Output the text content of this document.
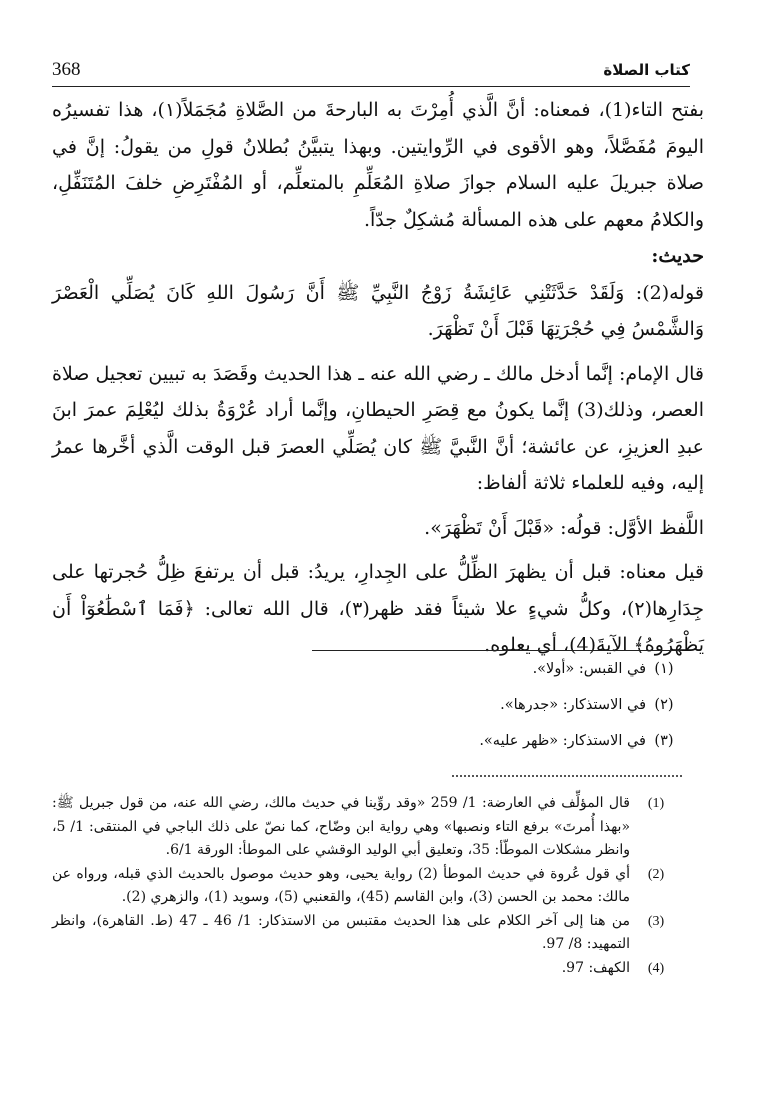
368	كتاب الصلاة

بفتح التاء(1)، فمعناه: أنَّ الَّذي أُمِرْتَ به البارحةَ من الصَّلاةِ مُجَمَلاً(١)، هذا تفسيرُه اليومَ مُفَصَّلاً، وهو الأقوى في الرِّوايتين. وبهذا يتبيَّنُ بُطلانُ قولِ من يقولُ: إنَّ في صلاة جبريلَ عليه السلام جوازَ صلاةِ المُعَلِّمِ بالمتعلِّم، أو المُفْتَرِضِ خلفَ المُتَنَفِّلِ، والكلامُ معهم على هذه المسألة مُشكِلٌ جدّاً.

حديث:

قوله(2): وَلَقَدْ حَدَّثَتْنِي عَائِشَةُ زَوْجُ النَّبِيِّ ﷺ أَنَّ رَسُولَ اللهِ كَانَ يُصَلِّي الْعَصْرَ وَالشَّمْسُ فِي حُجْرَتِهَا قَبْلَ أَنْ تَظْهَرَ.

قال الإمام: إنَّما أدخل مالك ـ رضي الله عنه ـ هذا الحديث وقَصَدَ به تبيين تعجيل صلاة العصر، وذلك(3) إنَّما يكونُ مع قِصَرِ الحيطانِ، وإنَّما أراد عُرْوَةُ بذلك ليُعْلِمَ عمرَ ابنَ عبدِ العزيزِ، عن عائشة؛ أنَّ النَّبيَّ ﷺ كان يُصَلِّي العصرَ قبل الوقت الَّذي أخَّرها عمرُ إليه، وفيه للعلماء ثلاثة ألفاظ:

اللَّفظ الأوَّل: قولُه: «قَبْلَ أَنْ تَظْهَرَ».

قيل معناه: قبل أن يظهرَ الظِّلُّ على الجِدارِ، يريدُ: قبل أن يرتفعَ ظِلُّ حُجرتها على جِدَارِها(٢)، وكلُّ شيءٍ علا شيئاً فقد ظهر(٣)، قال الله تعالى: ﴿فَمَا ٱسْطَٰعُوٓاْ أَن يَظْهَرُوهُ﴾ الآيةَ(4)، أي يعلوه.

(١)
في القبس: «أولا».
(٢)
في الاستذكار: «جدرها».
(٣)
في الاستذكار: «ظهر عليه».
(1)
قال المؤلِّف في العارضة: 1/ 259 «وقد روِّينا في حديث مالك، رضي الله عنه، من قول جبريل ﷺ: «بهذا أُمرتَ» برفع التاء ونصبها» وهي رواية ابن وضّاح، كما نصّ على ذلك الباجي في المنتقى: 1/ 5، وانظر مشكلات الموطّأ: 35، وتعليق أبي الوليد الوقشي على الموطأ: الورقة 6/1.
(2)
أي قول عُروة في حديث الموطأ (2) رواية يحيى، وهو حديث موصول بالحديث الذي قبله، ورواه عن مالك: محمد بن الحسن (3)، وابن القاسم (45)، والقعنبي (5)، وسويد (1)، والزهري (2).
(3)
من هنا إلى آخر الكلام على هذا الحديث مقتبس من الاستذكار: 1/ 46 ـ 47 (ط. القاهرة)، وانظر التمهيد: 8/ 97.
(4)
الكهف: 97.
